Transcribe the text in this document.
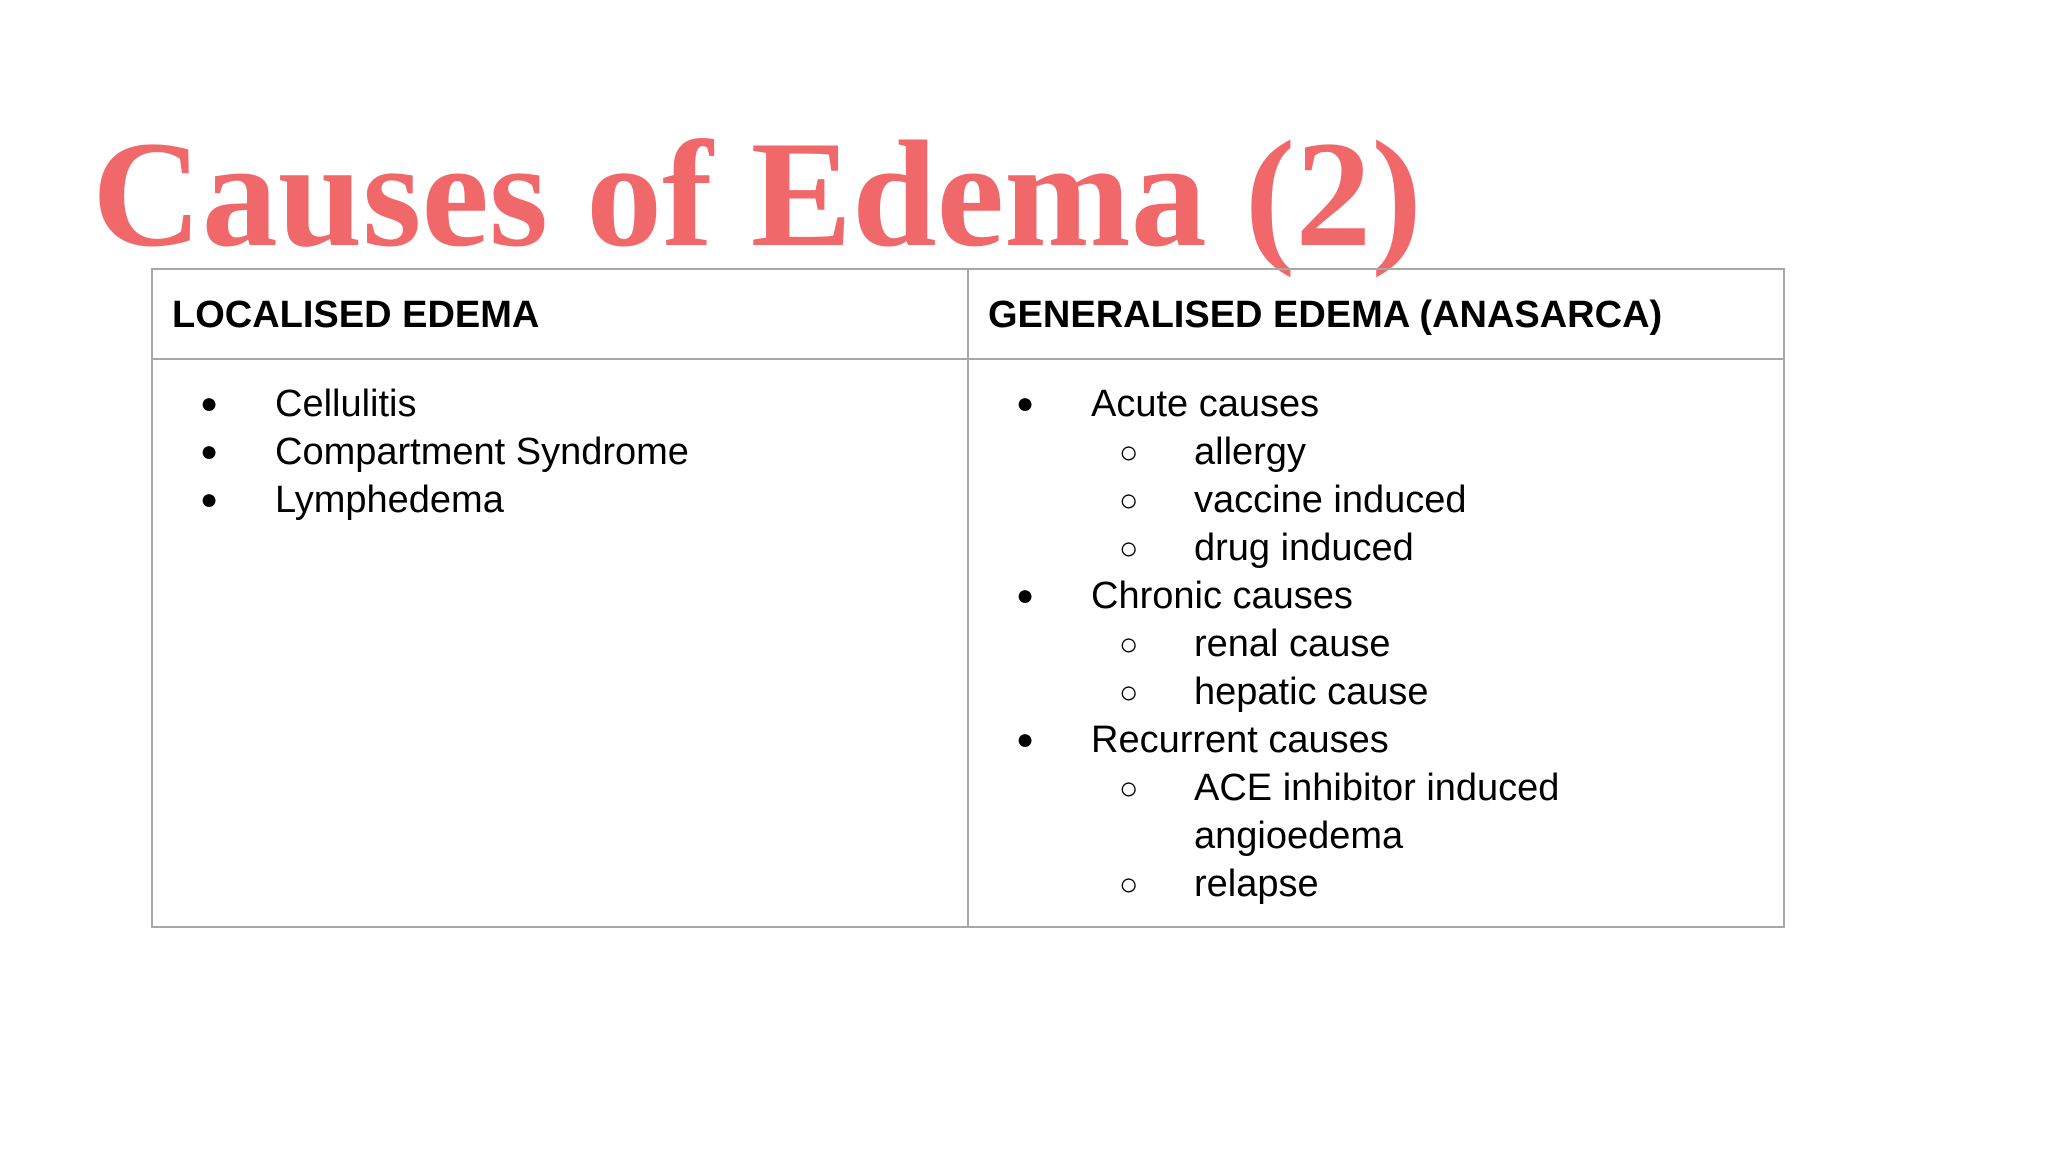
Causes of Edema (2)
LOCALISED EDEMA	GENERALISED EDEMA (ANASARCA)
● Cellulitis
● Compartment Syndrome
● Lymphedema
● Acute causes
○ allergy
○ vaccine induced
○ drug induced
● Chronic causes
○ renal cause
○ hepatic cause
● Recurrent causes
○ ACE inhibitor induced angioedema
○ relapse
